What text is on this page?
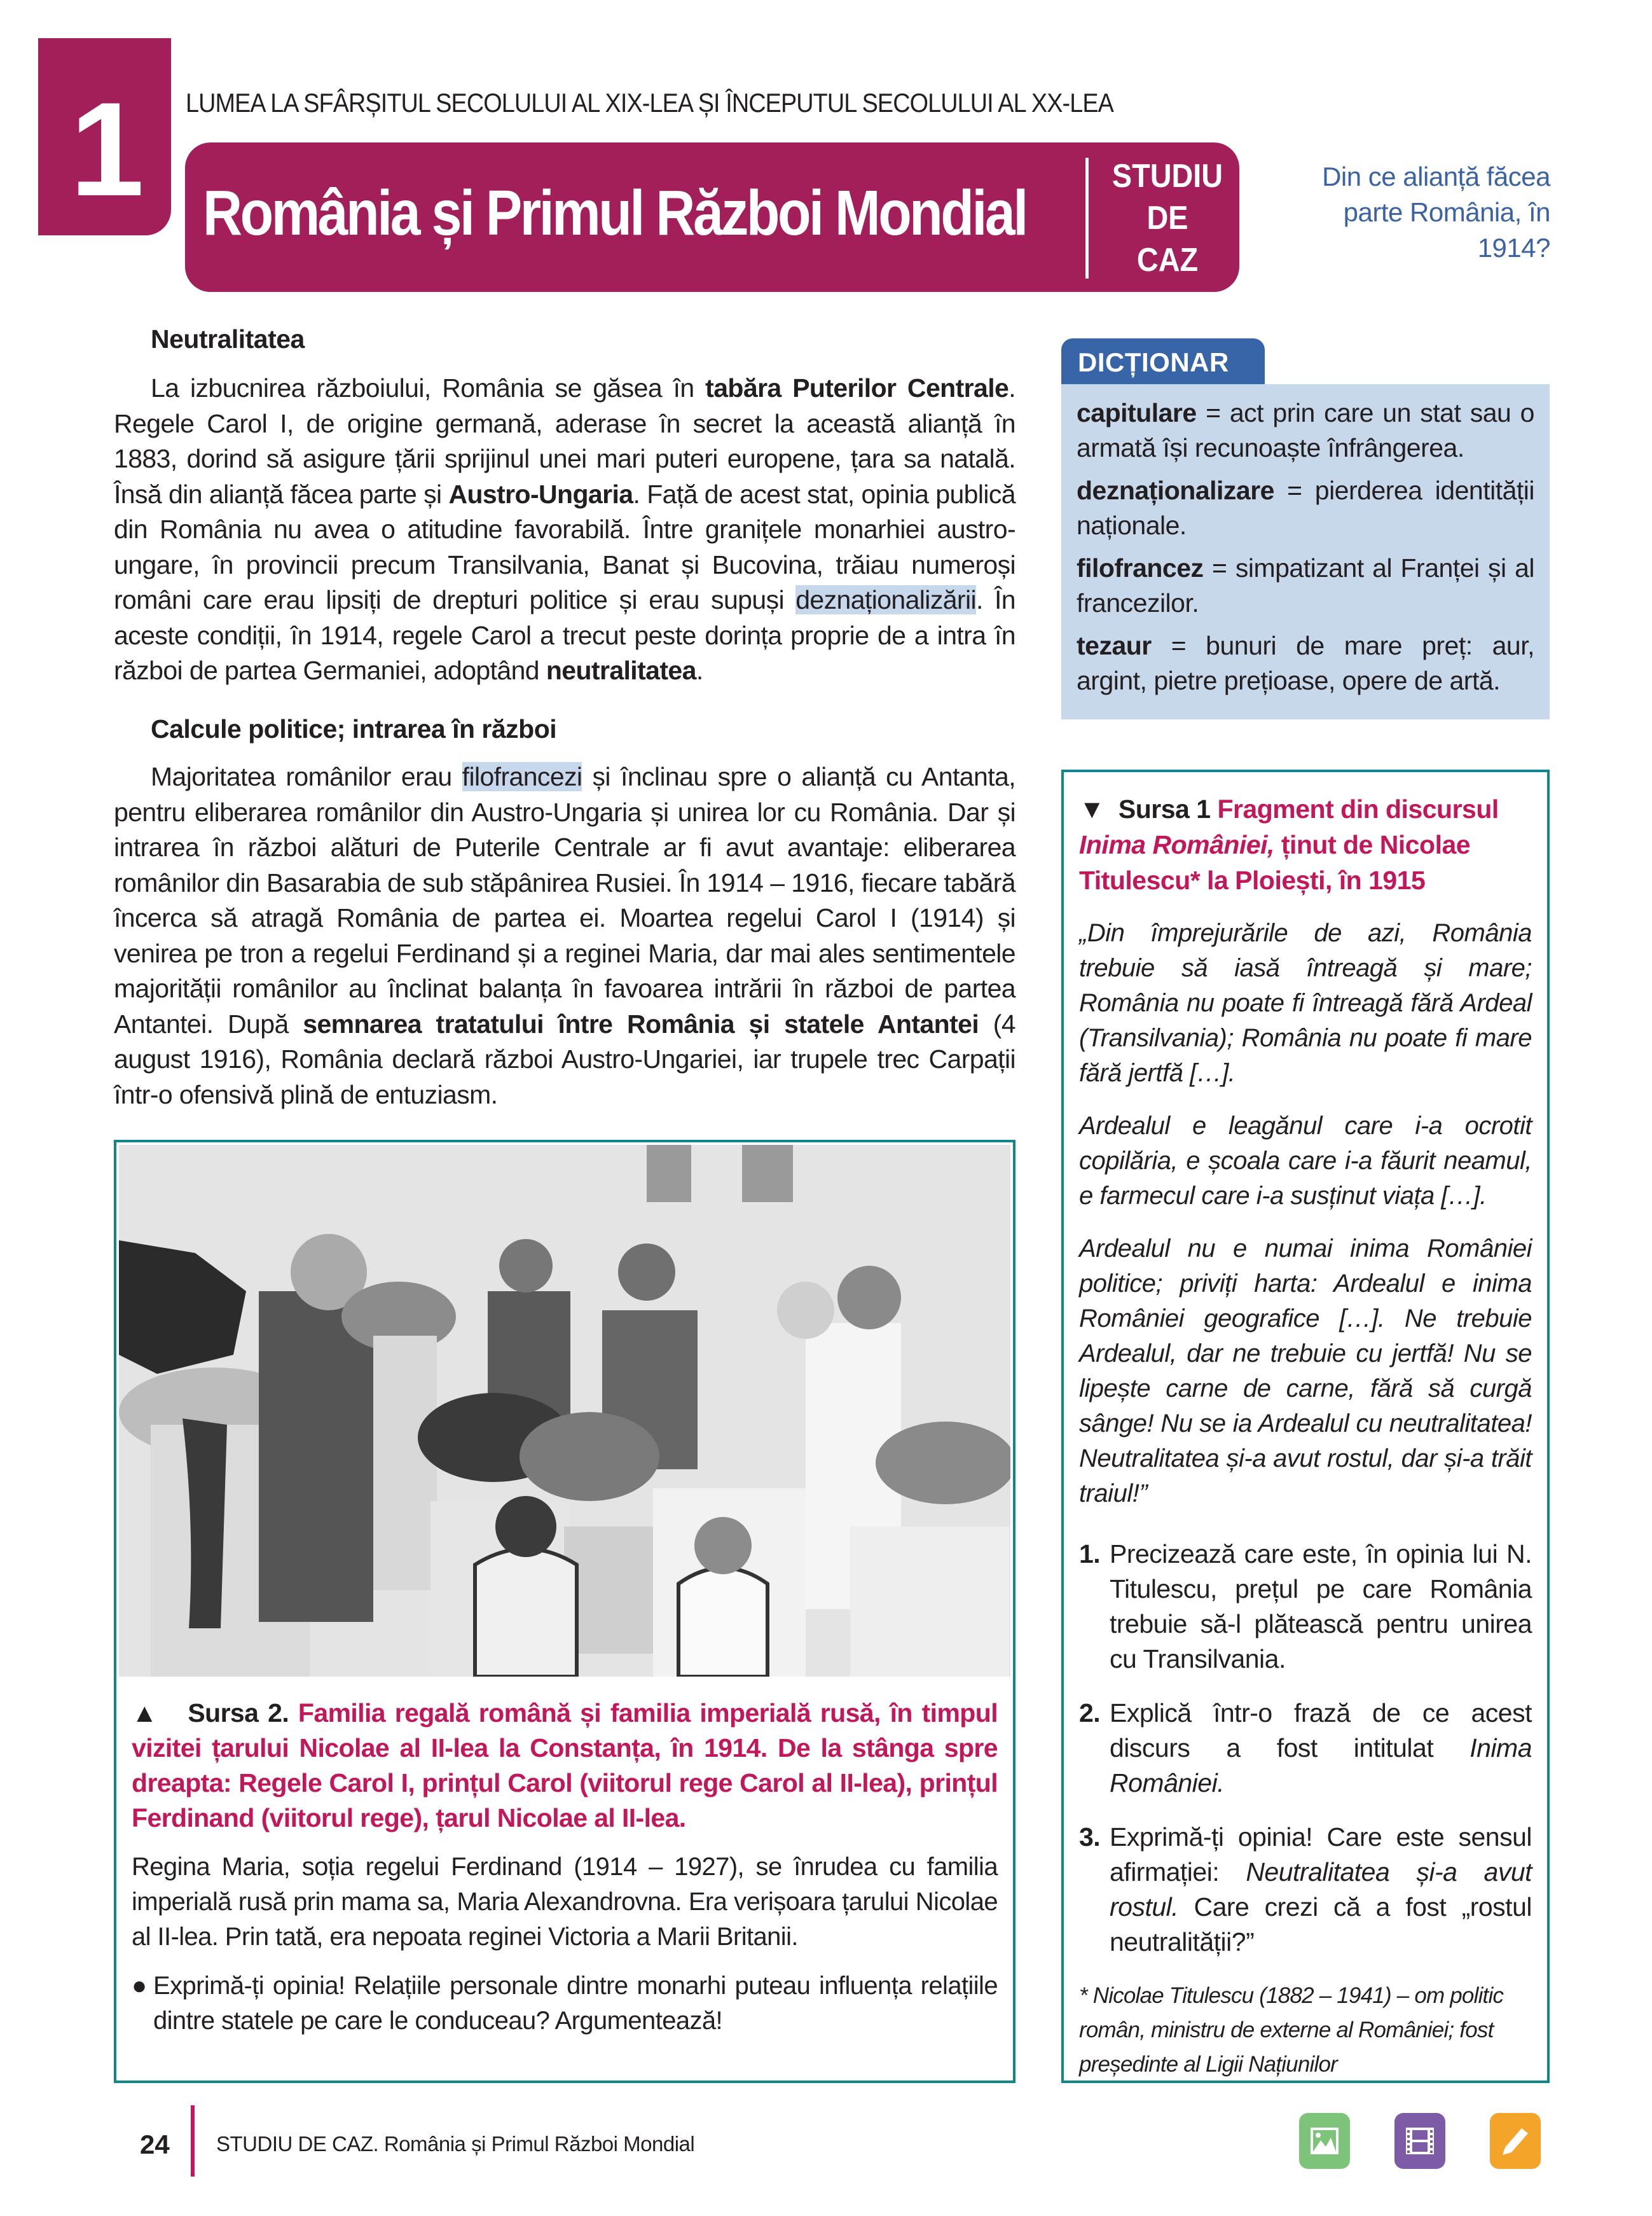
1	LUMEA LA SFÂRȘITUL SECOLULUI AL XIX-LEA ȘI ÎNCEPUTUL SECOLULUI AL XX-LEA
România și Primul Război Mondial
STUDIU
DE
CAZ
Din ce alianță făcea parte România, în 1914?
Neutralitatea

La izbucnirea războiului, România se găsea în tabăra Puterilor Centrale. Regele Carol I, de origine germană, aderase în secret la această alianță în 1883, dorind să asigure țării sprijinul unei mari puteri europene, țara sa natală. Însă din alianță făcea parte și Austro-Ungaria. Față de acest stat, opinia publică din România nu avea o atitudine favorabilă. Între granițele monarhiei austro-ungare, în provincii precum Transilvania, Banat și Bucovina, trăiau numeroși români care erau lipsiți de drepturi politice și erau supuși deznaționalizării. În aceste condiții, în 1914, regele Carol a trecut peste dorința proprie de a intra în război de partea Germaniei, adoptând neutralitatea.

Calcule politice; intrarea în război

Majoritatea românilor erau filofrancezi și înclinau spre o alianță cu Antanta, pentru eliberarea românilor din Austro-Ungaria și unirea lor cu România. Dar și intrarea în război alături de Puterile Centrale ar fi avut avantaje: eliberarea românilor din Basarabia de sub stăpânirea Rusiei. În 1914 – 1916, fiecare tabără încerca să atragă România de partea ei. Moartea regelui Carol I (1914) și venirea pe tron a regelui Ferdinand și a reginei Maria, dar mai ales sentimentele majorității românilor au înclinat balanța în favoarea intrării în război de partea Antantei. După semnarea tratatului între România și statele Antantei (4 august 1916), România declară război Austro-Ungariei, iar trupele trec Carpații într-o ofensivă plină de entuziasm.

DICȚIONAR
capitulare = act prin care un stat sau o armată își recunoaște înfrângerea.
deznaționalizare = pierderea identității naționale.
filofrancez = simpatizant al Franței și al francezilor.
tezaur = bunuri de mare preț: aur, argint, pietre prețioase, opere de artă.
▼ Sursa 1 Fragment din discursul Inima României, ținut de Nicolae Titulescu* la Ploiești, în 1915

„Din împrejurările de azi, România trebuie să iasă întreagă și mare; România nu poate fi întreagă fără Ardeal (Transilvania); România nu poate fi mare fără jertfă […].

Ardealul e leagănul care i-a ocrotit copilăria, e școala care i-a făurit neamul, e farmecul care i-a susținut viața […].

Ardealul nu e numai inima României politice; priviți harta: Ardealul e inima României geografice […]. Ne trebuie Ardealul, dar ne trebuie cu jertfă! Nu se lipește carne de carne, fără să curgă sânge! Nu se ia Ardealul cu neutralitatea! Neutralitatea și-a avut rostul, dar și-a trăit traiul!”

1. Precizează care este, în opinia lui N. Titulescu, prețul pe care România trebuie să-l plătească pentru unirea cu Transilvania.
2. Explică într-o frază de ce acest discurs a fost intitulat Inima României.
3. Exprimă-ți opinia! Care este sensul afirmației: Neutralitatea și-a avut rostul. Care crezi că a fost „rostul neutralității?”

* Nicolae Titulescu (1882 – 1941) – om politic român, ministru de externe al României; fost președinte al Ligii Națiunilor

▲ Sursa 2. Familia regală română și familia imperială rusă, în timpul vizitei țarului Nicolae al II-lea la Constanța, în 1914. De la stânga spre dreapta: Regele Carol I, prințul Carol (viitorul rege Carol al II-lea), prințul Ferdinand (viitorul rege), țarul Nicolae al II-lea.

Regina Maria, soția regelui Ferdinand (1914 – 1927), se înrudea cu familia imperială rusă prin mama sa, Maria Alexandrovna. Era verișoara țarului Nicolae al II-lea. Prin tată, era nepoata reginei Victoria a Marii Britanii.

● Exprimă-ți opinia! Relațiile personale dintre monarhi puteau influența relațiile dintre statele pe care le conduceau? Argumentează!
24 STUDIU DE CAZ. România și Primul Război Mondial
